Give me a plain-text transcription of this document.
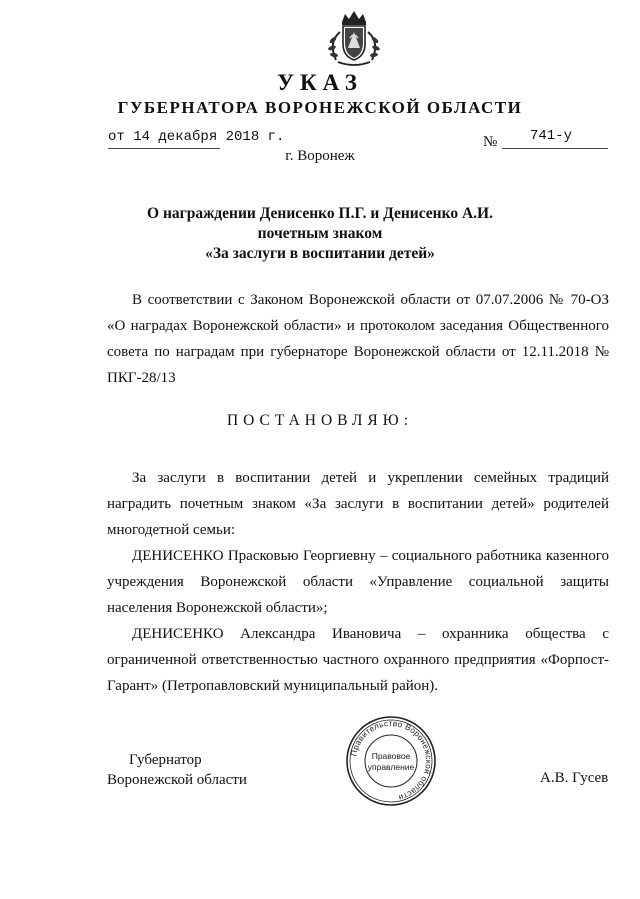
УКАЗ
ГУБЕРНАТОРА ВОРОНЕЖСКОЙ ОБЛАСТИ
от 14 декабря 2018 г.	№ 741-у
г. Воронеж
О награждении Денисенко П.Г. и Денисенко А.И.
почетным знаком
«За заслуги в воспитании детей»
В соответствии с Законом Воронежской области от 07.07.2006 № 70-ОЗ «О наградах Воронежской области» и протоколом заседания Общественного совета по наградам при губернаторе Воронежской области от 12.11.2018 № ПКГ-28/13
ПОСТАНОВЛЯЮ:
За заслуги в воспитании детей и укреплении семейных традиций наградить почетным знаком «За заслуги в воспитании детей» родителей многодетной семьи:
ДЕНИСЕНКО Прасковью Георгиевну – социального работника казенного учреждения Воронежской области «Управление социальной защиты населения Воронежской области»;
ДЕНИСЕНКО Александра Ивановича – охранника общества с ограниченной ответственностью частного охранного предприятия «Форпост-Гарант» (Петропавловский муниципальный район).
Губернатор
Воронежской области	А.В. Гусев
Правительство Воронежской области
Правовое
управление
